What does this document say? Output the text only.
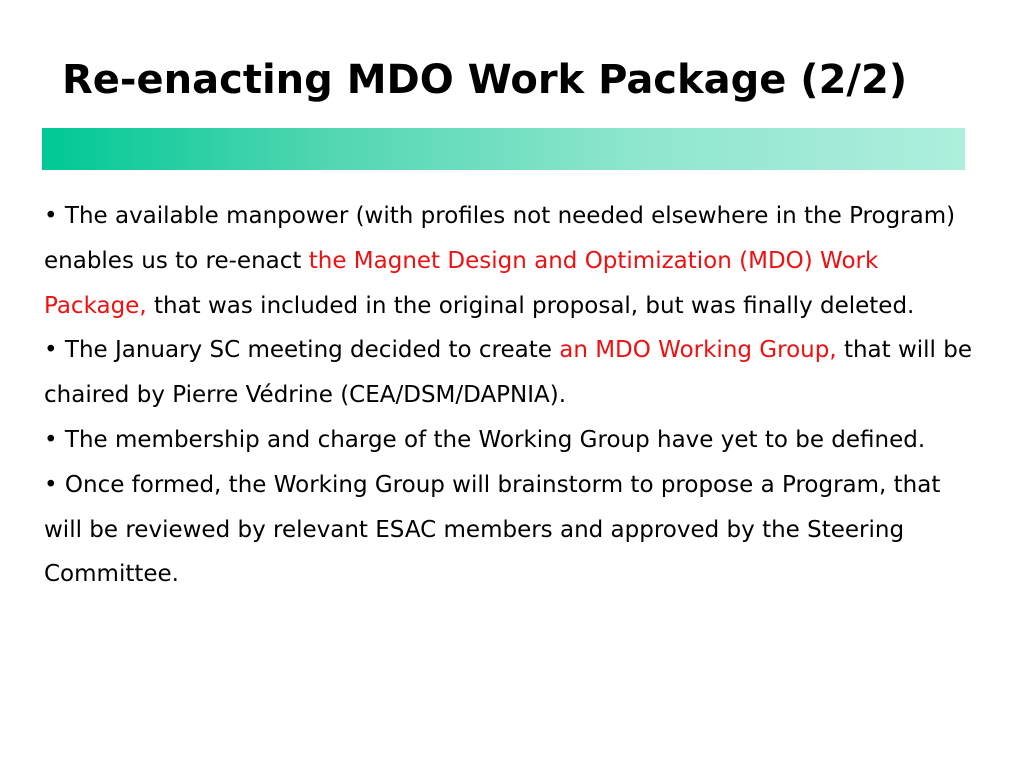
Re-enacting MDO Work Package (2/2)

• The available manpower (with profiles not needed elsewhere in the Program) enables us to re-enact the Magnet Design and Optimization (MDO) Work Package, that was included in the original proposal, but was finally deleted.

• The January SC meeting decided to create an MDO Working Group, that will be chaired by Pierre Védrine (CEA/DSM/DAPNIA).

• The membership and charge of the Working Group have yet to be defined.

• Once formed, the Working Group will brainstorm to propose a Program, that will be reviewed by relevant ESAC members and approved by the Steering Committee.
